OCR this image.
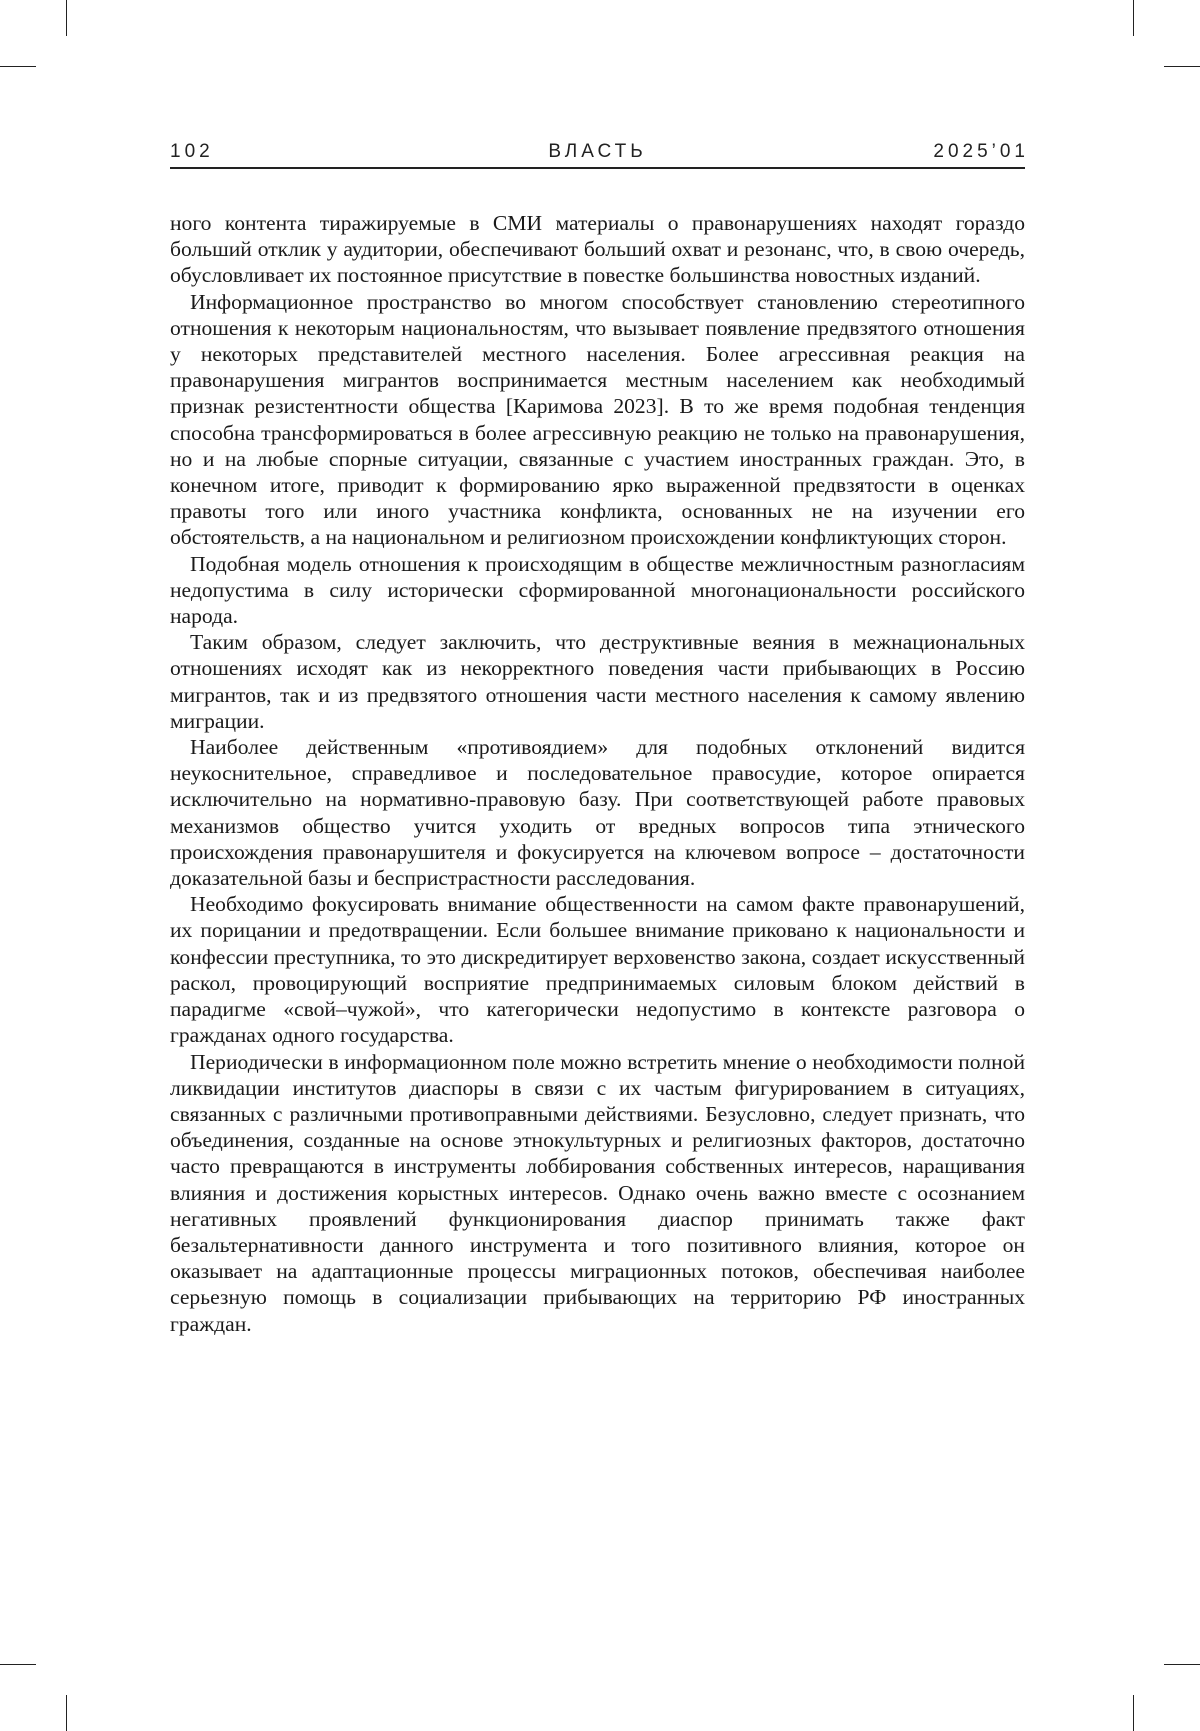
102	ВЛАСТЬ	2025’01

ного контента тиражируемые в СМИ материалы о правонарушениях находят гораздо больший отклик у аудитории, обеспечивают больший охват и резонанс, что, в свою очередь, обусловливает их постоянное присутствие в повестке большинства новостных изданий.

Информационное пространство во многом способствует становлению стереотипного отношения к некоторым национальностям, что вызывает появление предвзятого отношения у некоторых представителей местного населения. Более агрессивная реакция на правонарушения мигрантов воспринимается местным населением как необходимый признак резистентности общества [Каримова 2023]. В то же время подобная тенденция способна трансформироваться в более агрессивную реакцию не только на правонарушения, но и на любые спорные ситуации, связанные с участием иностранных граждан. Это, в конечном итоге, приводит к формированию ярко выраженной предвзятости в оценках правоты того или иного участника конфликта, основанных не на изучении его обстоятельств, а на национальном и религиозном происхождении конфликтующих сторон.

Подобная модель отношения к происходящим в обществе межличностным разногласиям недопустима в силу исторически сформированной многонациональности российского народа.

Таким образом, следует заключить, что деструктивные веяния в межнациональных отношениях исходят как из некорректного поведения части прибывающих в Россию мигрантов, так и из предвзятого отношения части местного населения к самому явлению миграции.

Наиболее действенным «противоядием» для подобных отклонений видится неукоснительное, справедливое и последовательное правосудие, которое опирается исключительно на нормативно-правовую базу. При соответствующей работе правовых механизмов общество учится уходить от вредных вопросов типа этнического происхождения правонарушителя и фокусируется на ключевом вопросе – достаточности доказательной базы и беспристрастности расследования.

Необходимо фокусировать внимание общественности на самом факте правонарушений, их порицании и предотвращении. Если большее внимание приковано к национальности и конфессии преступника, то это дискредитирует верховенство закона, создает искусственный раскол, провоцирующий восприятие предпринимаемых силовым блоком действий в парадигме «свой–чужой», что категорически недопустимо в контексте разговора о гражданах одного государства.

Периодически в информационном поле можно встретить мнение о необходимости полной ликвидации институтов диаспоры в связи с их частым фигурированием в ситуациях, связанных с различными противоправными действиями. Безусловно, следует признать, что объединения, созданные на основе этнокультурных и религиозных факторов, достаточно часто превращаются в инструменты лоббирования собственных интересов, наращивания влияния и достижения корыстных интересов. Однако очень важно вместе с осознанием негативных проявлений функционирования диаспор принимать также факт безальтернативности данного инструмента и того позитивного влияния, которое он оказывает на адаптационные процессы миграционных потоков, обеспечивая наиболее серьезную помощь в социализации прибывающих на территорию РФ иностранных граждан.
